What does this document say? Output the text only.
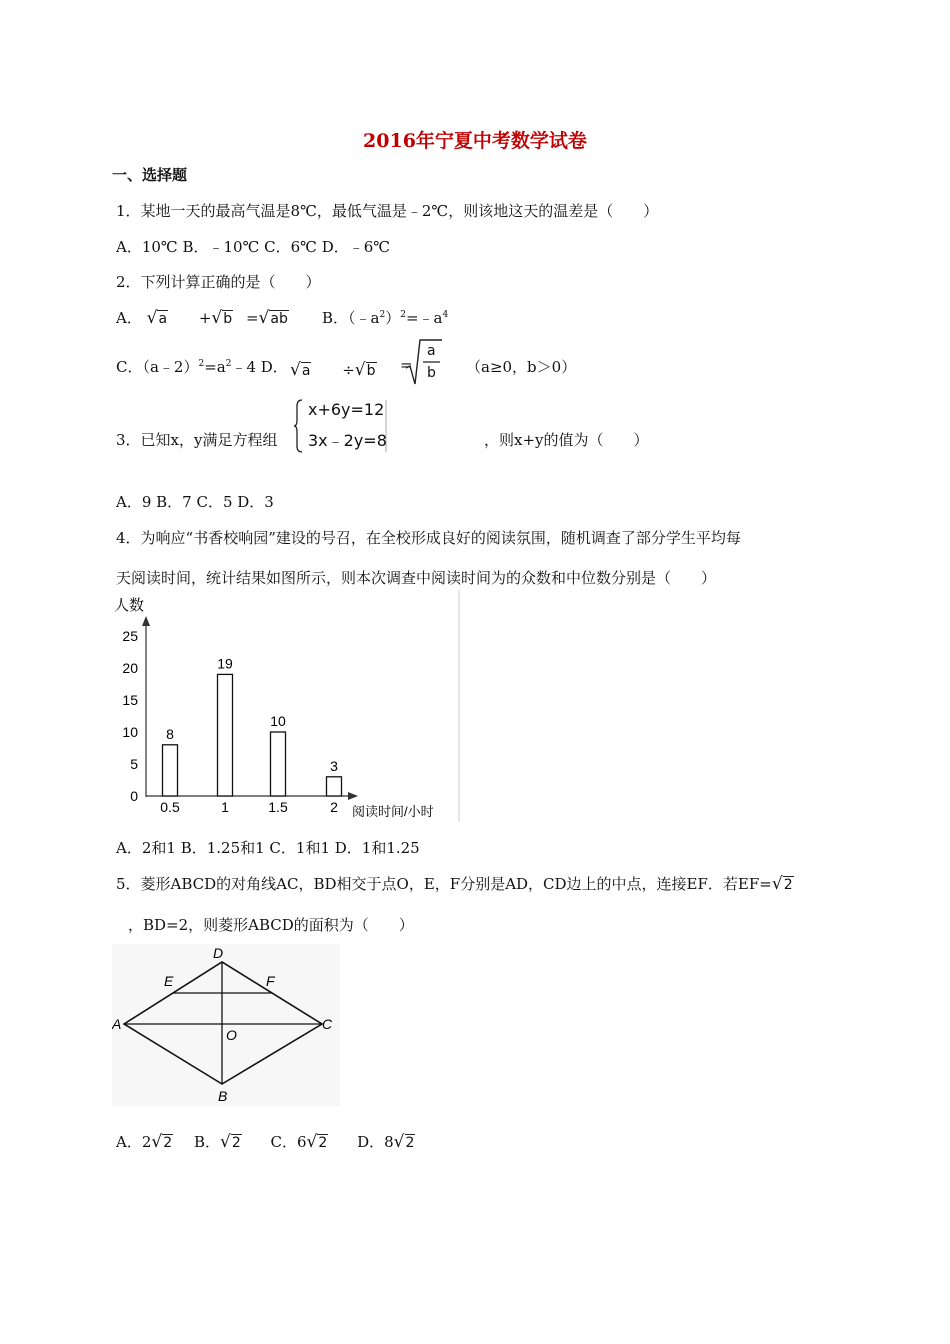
2016年宁夏中考数学试卷
一、选择题
1．某地一天的最高气温是8℃，最低气温是﹣2℃，则该地这天的温差是（　　）
A．10℃ B．﹣10℃ C．6℃ D．﹣6℃
2．下列计算正确的是（　　）
A． √a +√b =√ab B．$(﹣a^2)^2=﹣a^4$
C．$(a﹣2)^2=a^2﹣4$ D． √a ÷√b =
a
b （a≥0，b＞0）
3．已知x，y满足方程组
x+6y=12
3x﹣2y=8	，则x+y的值为（　　）
A．9 B．7 C．5 D．3
4．为响应“书香校响园”建设的号召，在全校形成良好的阅读氛围，随机调查了部分学生平均每
天阅读时间，统计结果如图所示，则本次调查中阅读时间为的众数和中位数分别是（　　）
人数
阅读时间/小时
0
5
10
15
20
25
8
0.5
19
1
10
1.5
3
2
A．2和1 B．1.25和1 C．1和1 D．1和1.25
5．菱形ABCD的对角线AC，BD相交于点O，E，F分别是AD，CD边上的中点，连接EF．若EF=√2
，BD=2，则菱形ABCD的面积为（　　）
D
E	F
A	C
O
B
A．2√2 B．√2 C．6√2 D．8√2
